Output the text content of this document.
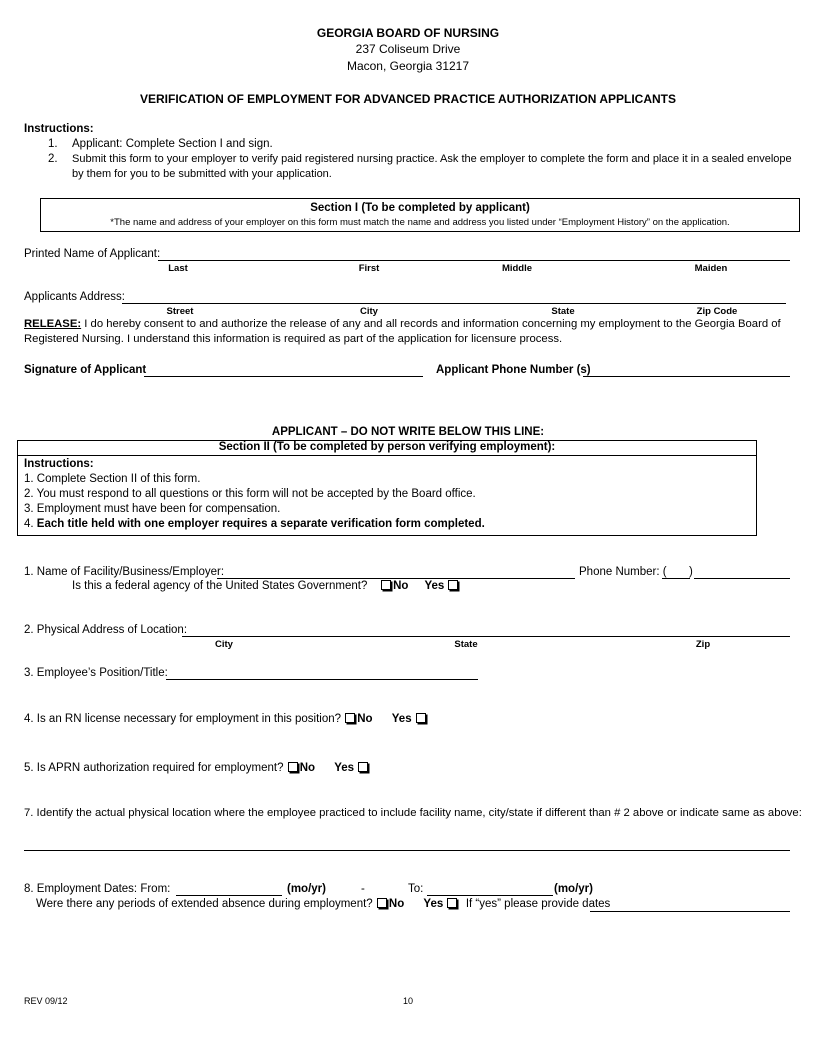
GEORGIA BOARD OF NURSING
237 Coliseum Drive
Macon, Georgia 31217
VERIFICATION OF EMPLOYMENT FOR ADVANCED PRACTICE AUTHORIZATION APPLICANTS
Instructions:
1. Applicant: Complete Section I and sign.
2. Submit this form to your employer to verify paid registered nursing practice. Ask the employer to complete the form and place it in a sealed envelope
by them for you to be submitted with your application.
Section I (To be completed by applicant)
*The name and address of your employer on this form must match the name and address you listed under “Employment History” on the application.
Printed Name of Applicant:
Last	First	Middle	Maiden
Applicants Address:
Street	City	State	Zip Code
RELEASE: I do hereby consent to and authorize the release of any and all records and information concerning my employment to the Georgia Board of
Registered Nursing. I understand this information is required as part of the application for licensure process.
Signature of Applicant	Applicant Phone Number (s)
APPLICANT – DO NOT WRITE BELOW THIS LINE:
Section II (To be completed by person verifying employment):
Instructions:
1. Complete Section II of this form.
2. You must respond to all questions or this form will not be accepted by the Board office.
3. Employment must have been for compensation.
4. Each title held with one employer requires a separate verification form completed.
1. Name of Facility/Business/Employer:	Phone Number: ( )
Is this a federal agency of the United States Government? No Yes
2. Physical Address of Location:
City	State	Zip
3. Employee’s Position/Title:
4. Is an RN license necessary for employment in this position? No Yes
5. Is APRN authorization required for employment? No Yes
7. Identify the actual physical location where the employee practiced to include facility name, city/state if different than # 2 above or indicate same as above:
8. Employment Dates: From:	(mo/yr)	-	To:	(mo/yr)
Were there any periods of extended absence during employment? No Yes If “yes” please provide dates
REV 09/12	10
